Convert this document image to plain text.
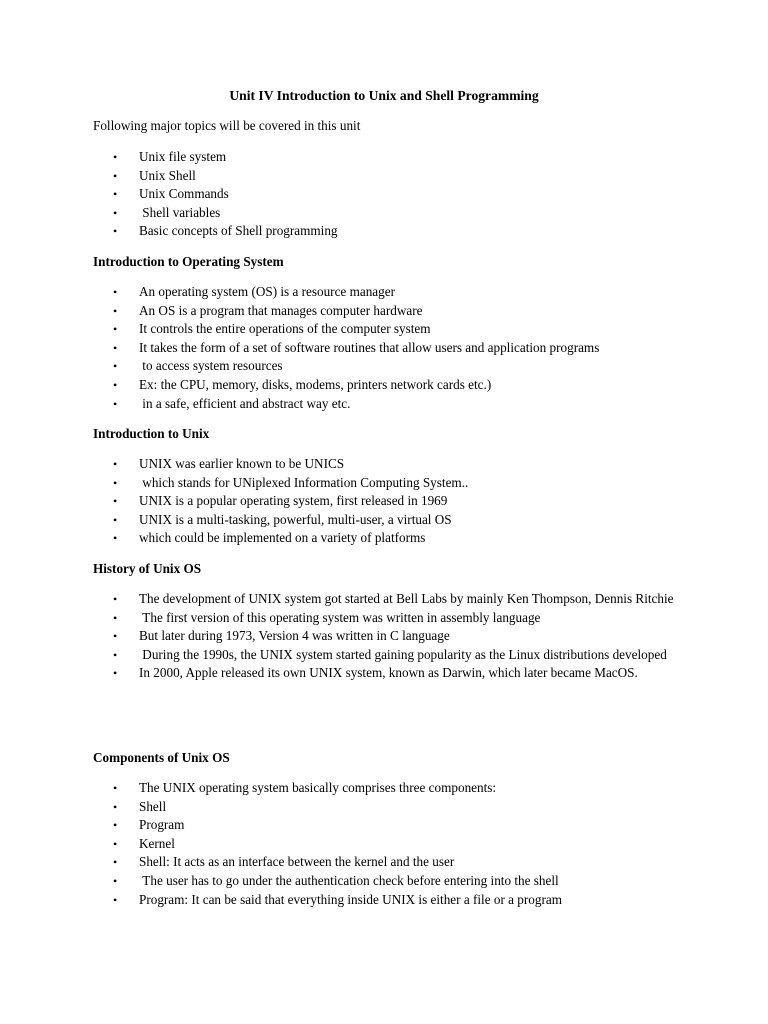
Unit IV Introduction to Unix and Shell Programming
Following major topics will be covered in this unit
• Unix file system
• Unix Shell
• Unix Commands
• Shell variables
• Basic concepts of Shell programming
Introduction to Operating System
• An operating system (OS) is a resource manager
• An OS is a program that manages computer hardware
• It controls the entire operations of the computer system
• It takes the form of a set of software routines that allow users and application programs
• to access system resources
• Ex: the CPU, memory, disks, modems, printers network cards etc.)
• in a safe, efficient and abstract way etc.
Introduction to Unix
• UNIX was earlier known to be UNICS
• which stands for UNiplexed Information Computing System..
• UNIX is a popular operating system, first released in 1969
• UNIX is a multi-tasking, powerful, multi-user, a virtual OS
• which could be implemented on a variety of platforms
History of Unix OS
• The development of UNIX system got started at Bell Labs by mainly Ken Thompson, Dennis Ritchie
• The first version of this operating system was written in assembly language
• But later during 1973, Version 4 was written in C language
• During the 1990s, the UNIX system started gaining popularity as the Linux distributions developed
• In 2000, Apple released its own UNIX system, known as Darwin, which later became MacOS.
Components of Unix OS
• The UNIX operating system basically comprises three components:
• Shell
• Program
• Kernel
• Shell: It acts as an interface between the kernel and the user
• The user has to go under the authentication check before entering into the shell
• Program: It can be said that everything inside UNIX is either a file or a program
